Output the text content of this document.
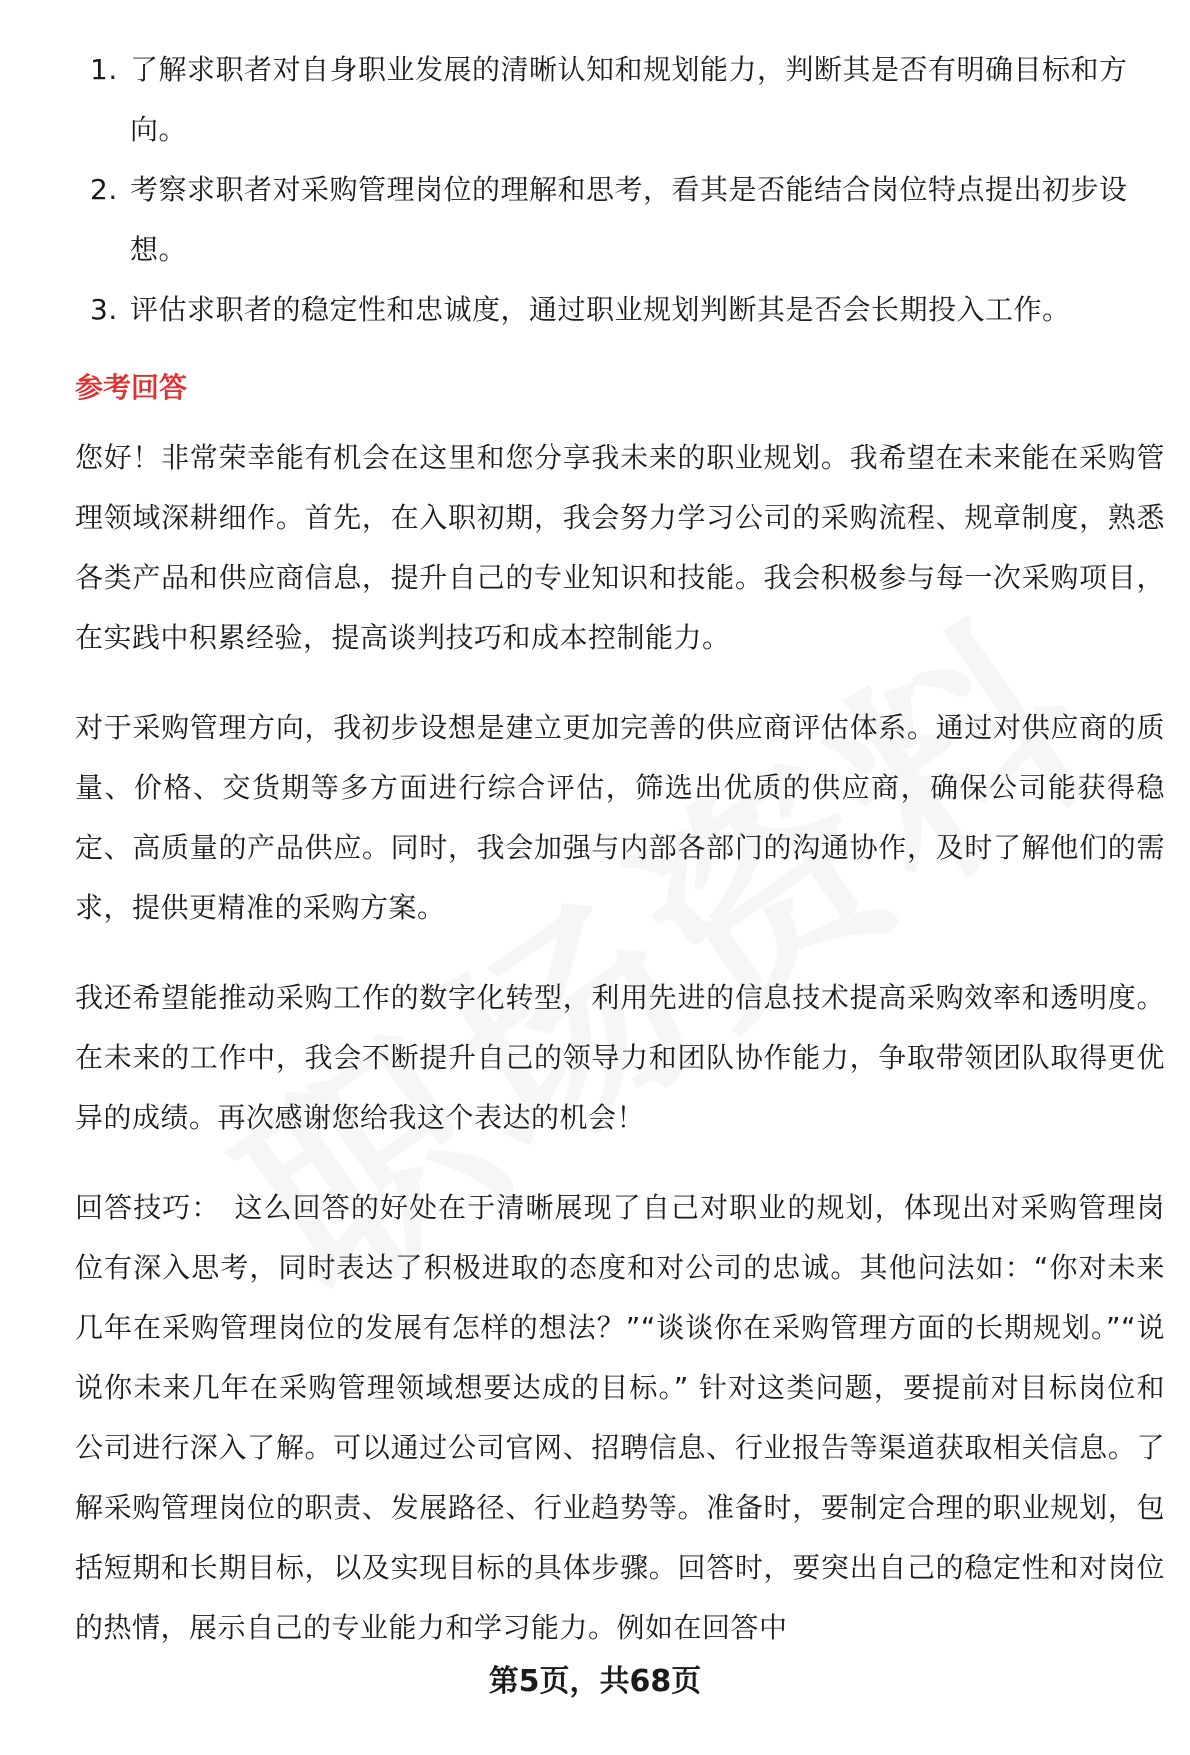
1. 了解求职者对自身职业发展的清晰认知和规划能力，判断其是否有明确目标和方向。
2. 考察求职者对采购管理岗位的理解和思考，看其是否能结合岗位特点提出初步设想。
3. 评估求职者的稳定性和忠诚度，通过职业规划判断其是否会长期投入工作。
参考回答

您好！非常荣幸能有机会在这里和您分享我未来的职业规划。我希望在未来能在采购管理领域深耕细作。首先，在入职初期，我会努力学习公司的采购流程、规章制度，熟悉各类产品和供应商信息，提升自己的专业知识和技能。我会积极参与每一次采购项目，在实践中积累经验，提高谈判技巧和成本控制能力。

对于采购管理方向，我初步设想是建立更加完善的供应商评估体系。通过对供应商的质量、价格、交货期等多方面进行综合评估，筛选出优质的供应商，确保公司能获得稳定、高质量的产品供应。同时，我会加强与内部各部门的沟通协作，及时了解他们的需求，提供更精准的采购方案。

我还希望能推动采购工作的数字化转型，利用先进的信息技术提高采购效率和透明度。在未来的工作中，我会不断提升自己的领导力和团队协作能力，争取带领团队取得更优异的成绩。再次感谢您给我这个表达的机会！

回答技巧： 这么回答的好处在于清晰展现了自己对职业的规划，体现出对采购管理岗位有深入思考，同时表达了积极进取的态度和对公司的忠诚。其他问法如：“你对未来几年在采购管理岗位的发展有怎样的想法？”“谈谈你在采购管理方面的长期规划。”“说说你未来几年在采购管理领域想要达成的目标。” 针对这类问题，要提前对目标岗位和公司进行深入了解。可以通过公司官网、招聘信息、行业报告等渠道获取相关信息。了解采购管理岗位的职责、发展路径、行业趋势等。准备时，要制定合理的职业规划，包括短期和长期目标，以及实现目标的具体步骤。回答时，要突出自己的稳定性和对岗位的热情，展示自己的专业能力和学习能力。例如在回答中

第5页，共68页
